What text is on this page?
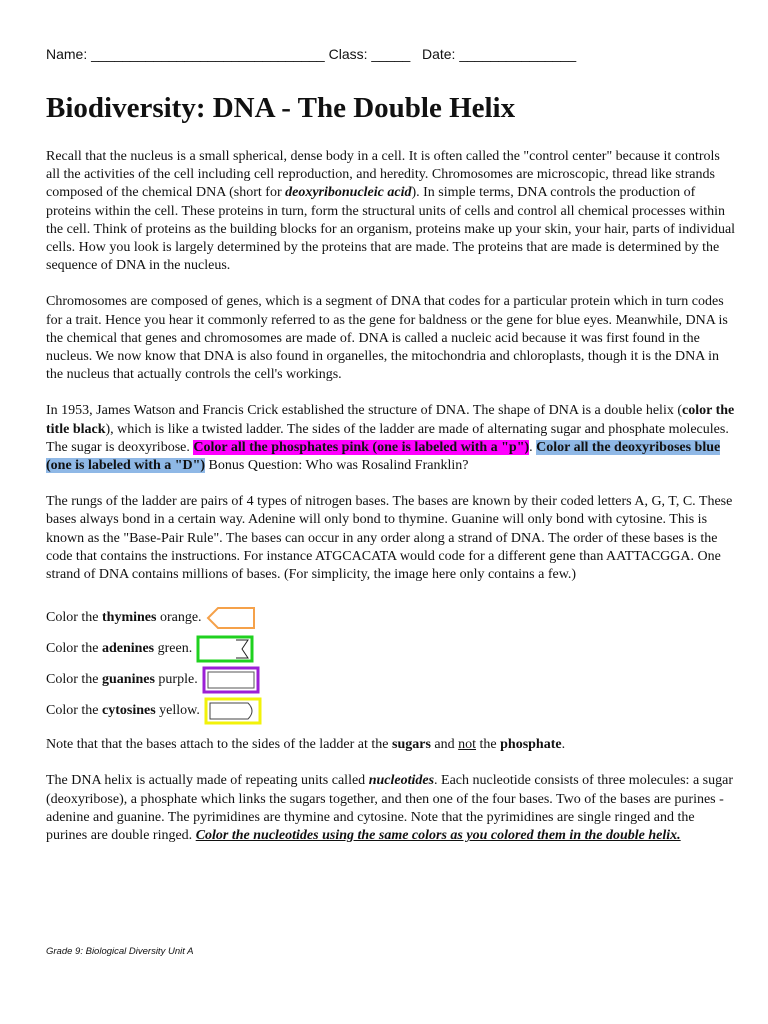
Name: ______________________________ Class: _____   Date: _______________
Biodiversity: DNA - The Double Helix

Recall that the nucleus is a small spherical, dense body in a cell. It is often called the "control center" because it controls all the activities of the cell including cell reproduction, and heredity. Chromosomes are microscopic, thread like strands composed of the chemical DNA (short for deoxyribonucleic acid). In simple terms, DNA controls the production of proteins within the cell. These proteins in turn, form the structural units of cells and control all chemical processes within the cell. Think of proteins as the building blocks for an organism, proteins make up your skin, your hair, parts of individual cells. How you look is largely determined by the proteins that are made. The proteins that are made is determined by the sequence of DNA in the nucleus.

Chromosomes are composed of genes, which is a segment of DNA that codes for a particular protein which in turn codes for a trait. Hence you hear it commonly referred to as the gene for baldness or the gene for blue eyes. Meanwhile, DNA is the chemical that genes and chromosomes are made of. DNA is called a nucleic acid because it was first found in the nucleus. We now know that DNA is also found in organelles, the mitochondria and chloroplasts, though it is the DNA in the nucleus that actually controls the cell's workings.

In 1953, James Watson and Francis Crick established the structure of DNA. The shape of DNA is a double helix (color the title black), which is like a twisted ladder. The sides of the ladder are made of alternating sugar and phosphate molecules. The sugar is deoxyribose. Color all the phosphates pink (one is labeled with a "p"). Color all the deoxyriboses blue (one is labeled with a "D") Bonus Question: Who was Rosalind Franklin?

The rungs of the ladder are pairs of 4 types of nitrogen bases. The bases are known by their coded letters A, G, T, C. These bases always bond in a certain way. Adenine will only bond to thymine. Guanine will only bond with cytosine. This is known as the "Base-Pair Rule". The bases can occur in any order along a strand of DNA. The order of these bases is the code that contains the instructions. For instance ATGCACATA would code for a different gene than AATTACGGA. One strand of DNA contains millions of bases. (For simplicity, the image here only contains a few.)

Color the thymines orange.
Color the adenines green.
Color the guanines purple.
Color the cytosines yellow.

Note that that the bases attach to the sides of the ladder at the sugars and not the phosphate.

The DNA helix is actually made of repeating units called nucleotides. Each nucleotide consists of three molecules: a sugar (deoxyribose), a phosphate which links the sugars together, and then one of the four bases. Two of the bases are purines - adenine and guanine. The pyrimidines are thymine and cytosine. Note that the pyrimidines are single ringed and the purines are double ringed. Color the nucleotides using the same colors as you colored them in the double helix.

Grade 9: Biological Diversity Unit A
